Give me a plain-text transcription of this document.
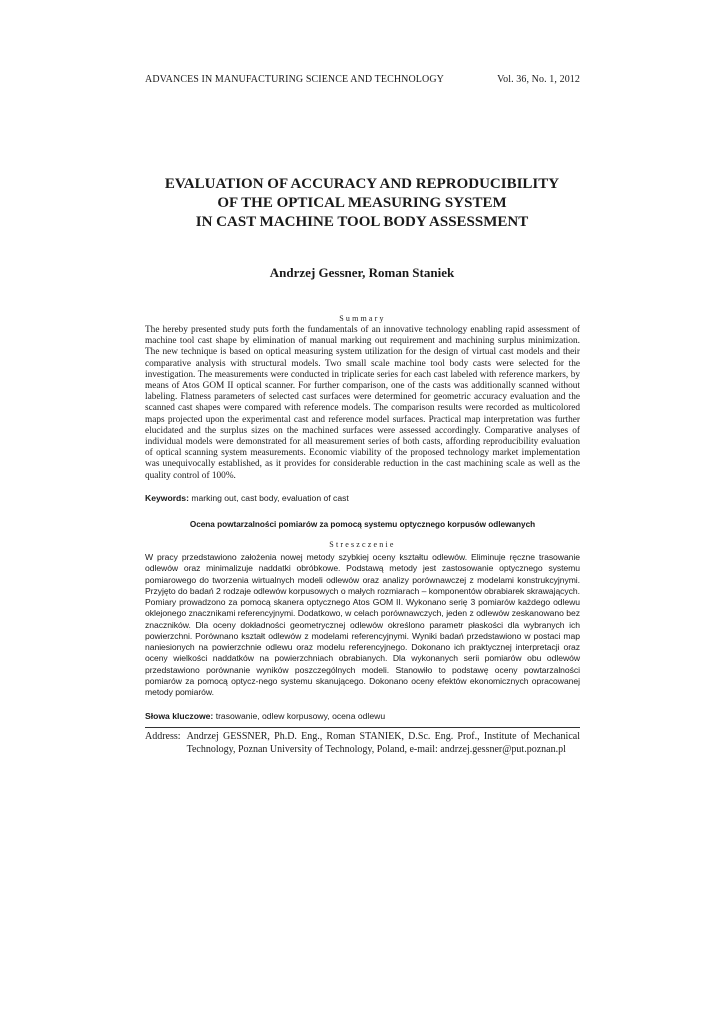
ADVANCES IN MANUFACTURING SCIENCE AND TECHNOLOGY	Vol. 36, No. 1, 2012
EVALUATION OF ACCURACY AND REPRODUCIBILITY
OF THE OPTICAL MEASURING SYSTEM
IN CAST MACHINE TOOL BODY ASSESSMENT
Andrzej Gessner, Roman Staniek
Summary
The hereby presented study puts forth the fundamentals of an innovative technology enabling rapid assessment of machine tool cast shape by elimination of manual marking out requirement and machining surplus minimization. The new technique is based on optical measuring system utilization for the design of virtual cast models and their comparative analysis with structural models. Two small scale machine tool body casts were selected for the investigation. The measurements were conducted in triplicate series for each cast labeled with reference markers, by means of Atos GOM II optical scanner. For further comparison, one of the casts was additionally scanned without labeling. Flatness parameters of selected cast surfaces were determined for geometric accuracy evaluation and the scanned cast shapes were compared with reference models. The comparison results were recorded as multicolored maps projected upon the experimental cast and reference model surfaces. Practical map interpretation was further elucidated and the surplus sizes on the machined surfaces were assessed accordingly. Comparative analyses of individual models were demonstrated for all measurement series of both casts, affording reproducibility evaluation of optical scanning system measurements. Economic viability of the proposed technology market implementation was unequivocally established, as it provides for considerable reduction in the cast machining scale as well as the quality control of 100%.
Keywords: marking out, cast body, evaluation of cast
Ocena powtarzalności pomiarów za pomocą systemu optycznego korpusów odlewanych
Streszczenie
W pracy przedstawiono założenia nowej metody szybkiej oceny kształtu odlewów. Eliminuje ręczne trasowanie odlewów oraz minimalizuje naddatki obróbkowe. Podstawą metody jest zastosowanie optycznego systemu pomiarowego do tworzenia wirtualnych modeli odlewów oraz analizy porównawczej z modelami konstrukcyjnymi. Przyjęto do badań 2 rodzaje odlewów korpusowych o małych rozmiarach – komponentów obrabiarek skrawających. Pomiary prowadzono za pomocą skanera optycznego Atos GOM II. Wykonano serię 3 pomiarów każdego odlewu oklejonego znacznikami referencyjnymi. Dodatkowo, w celach porównawczych, jeden z odlewów zeskanowano bez znaczników. Dla oceny dokładności geometrycznej odlewów określono parametr płaskości dla wybranych ich powierzchni. Porównano kształt odlewów z modelami referencyjnymi. Wyniki badań przedstawiono w postaci map naniesionych na powierzchnie odlewu oraz modelu referencyjnego. Dokonano ich praktycznej interpretacji oraz oceny wielkości naddatków na powierzchniach obrabianych. Dla wykonanych serii pomiarów obu odlewów przedstawiono porównanie wyników poszczególnych modeli. Stanowiło to podstawę oceny powtarzalności pomiarów za pomocą optycz-nego systemu skanującego. Dokonano oceny efektów ekonomicznych opracowanej metody pomiarów.
Słowa kluczowe: trasowanie, odlew korpusowy, ocena odlewu
Address: Andrzej GESSNER, Ph.D. Eng., Roman STANIEK, D.Sc. Eng. Prof., Institute of Mechanical Technology, Poznan University of Technology, Poland, e-mail: andrzej.gessner@put.poznan.pl
